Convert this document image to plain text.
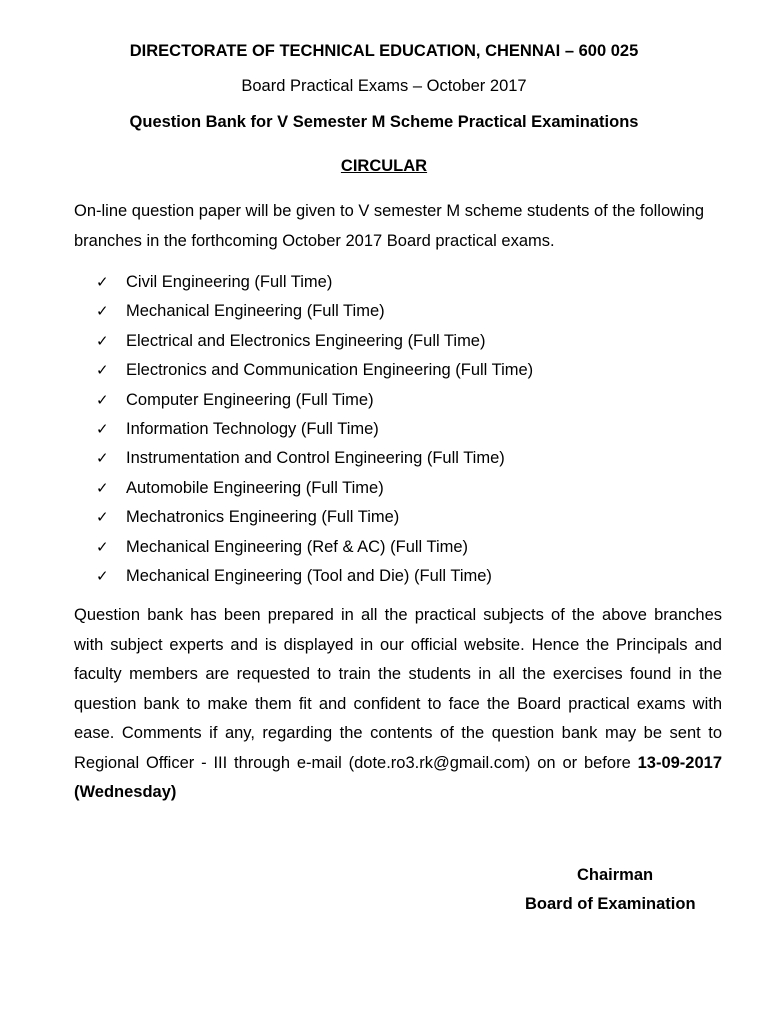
DIRECTORATE OF TECHNICAL EDUCATION, CHENNAI – 600 025

Board Practical Exams – October 2017

Question Bank for V Semester M Scheme Practical Examinations

CIRCULAR

On-line question paper will be given to V semester M scheme students of the following branches in the forthcoming October 2017 Board practical exams.

✓ Civil Engineering (Full Time)
✓ Mechanical Engineering (Full Time)
✓ Electrical and Electronics Engineering (Full Time)
✓ Electronics and Communication Engineering (Full Time)
✓ Computer Engineering (Full Time)
✓ Information Technology (Full Time)
✓ Instrumentation and Control Engineering (Full Time)
✓ Automobile Engineering (Full Time)
✓ Mechatronics Engineering (Full Time)
✓ Mechanical Engineering (Ref & AC) (Full Time)
✓ Mechanical Engineering (Tool and Die) (Full Time)

Question bank has been prepared in all the practical subjects of the above branches with subject experts and is displayed in our official website. Hence the Principals and faculty members are requested to train the students in all the exercises found in the question bank to make them fit and confident to face the Board practical exams with ease. Comments if any, regarding the contents of the question bank may be sent to Regional Officer - III through e-mail (dote.ro3.rk@gmail.com) on or before 13-09-2017 (Wednesday)

Chairman

Board of Examination
